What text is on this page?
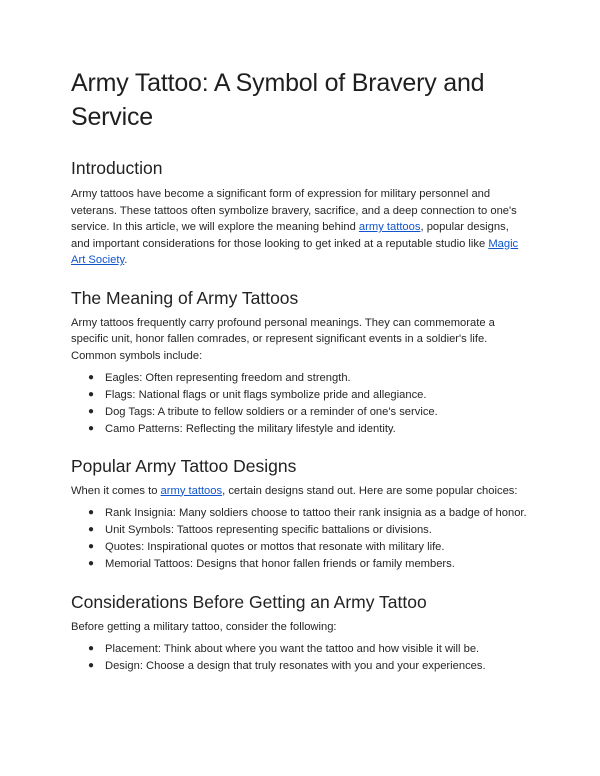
Army Tattoo: A Symbol of Bravery and Service
Introduction

Army tattoos have become a significant form of expression for military personnel and veterans. These tattoos often symbolize bravery, sacrifice, and a deep connection to one's service. In this article, we will explore the meaning behind army tattoos, popular designs, and important considerations for those looking to get inked at a reputable studio like Magic Art Society.

The Meaning of Army Tattoos

Army tattoos frequently carry profound personal meanings. They can commemorate a specific unit, honor fallen comrades, or represent significant events in a soldier's life. Common symbols include:

● Eagles: Often representing freedom and strength.
● Flags: National flags or unit flags symbolize pride and allegiance.
● Dog Tags: A tribute to fellow soldiers or a reminder of one's service.
● Camo Patterns: Reflecting the military lifestyle and identity.
Popular Army Tattoo Designs

When it comes to army tattoos, certain designs stand out. Here are some popular choices:

● Rank Insignia: Many soldiers choose to tattoo their rank insignia as a badge of honor.
● Unit Symbols: Tattoos representing specific battalions or divisions.
● Quotes: Inspirational quotes or mottos that resonate with military life.
● Memorial Tattoos: Designs that honor fallen friends or family members.
Considerations Before Getting an Army Tattoo

Before getting a military tattoo, consider the following:

● Placement: Think about where you want the tattoo and how visible it will be.
● Design: Choose a design that truly resonates with you and your experiences.
